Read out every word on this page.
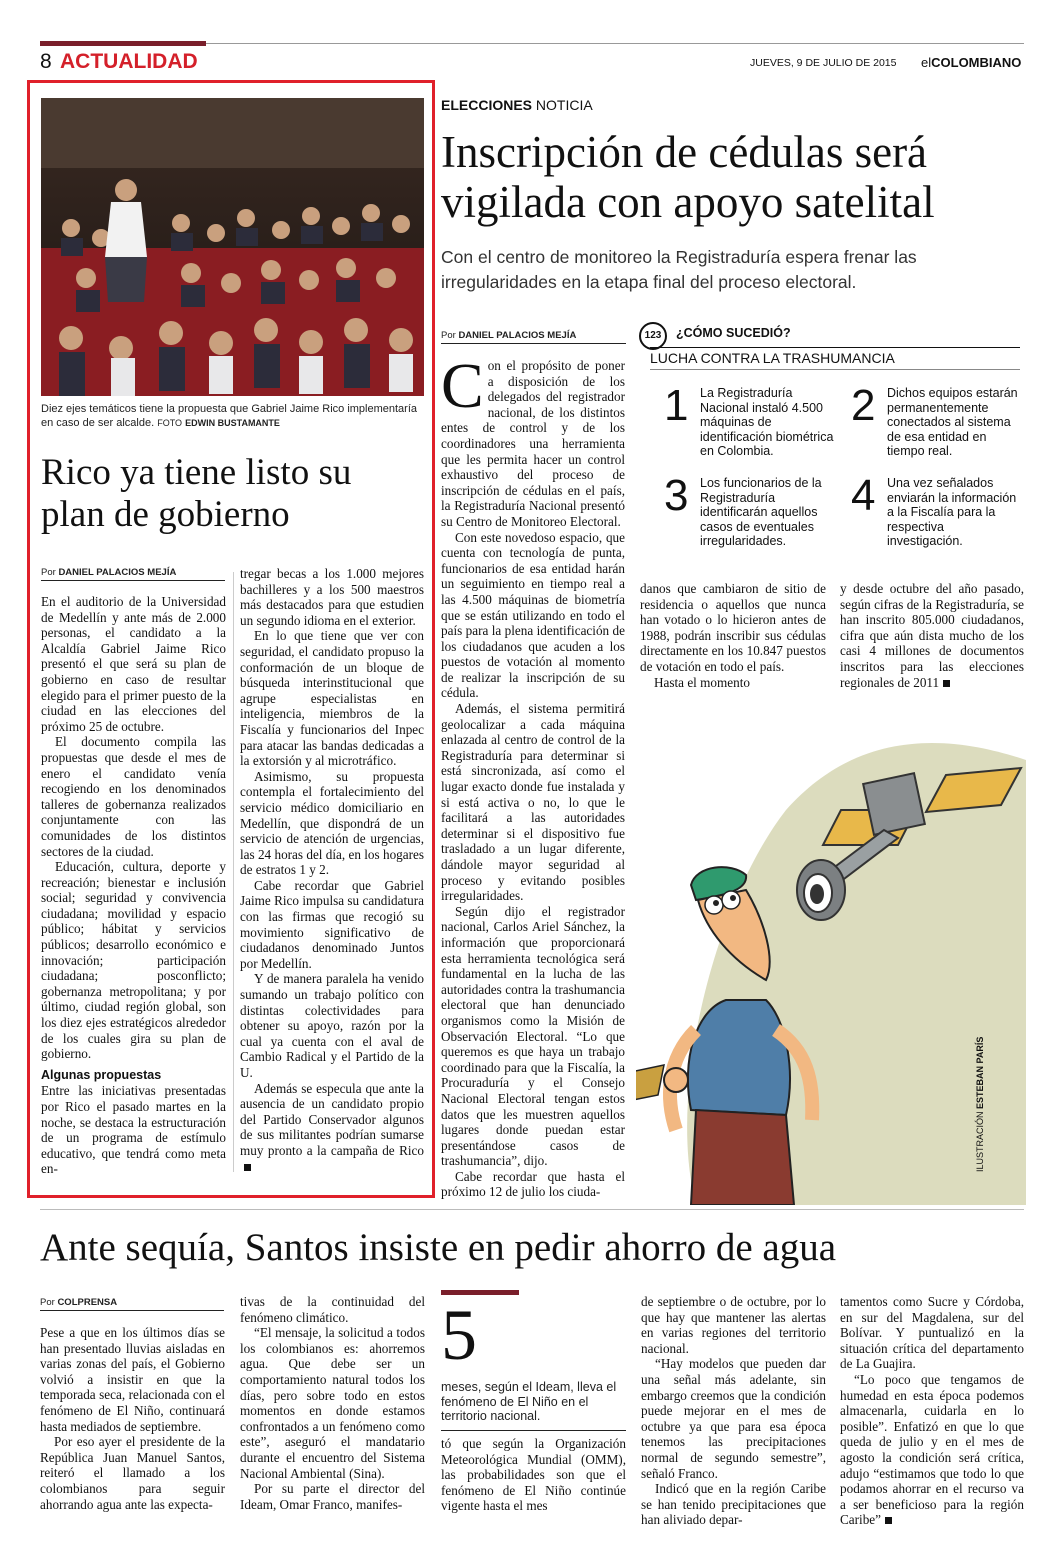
8 ACTUALIDAD	JUEVES, 9 DE JULIO DE 2015 elCOLOMBIANO
Diez ejes temáticos tiene la propuesta que Gabriel Jaime Rico implementaría en caso de ser alcalde. FOTO EDWIN BUSTAMANTE
Rico ya tiene listo su plan de gobierno
Por DANIEL PALACIOS MEJÍA

En el auditorio de la Universidad de Medellín y ante más de 2.000 personas, el candidato a la Alcaldía Gabriel Jaime Rico presentó el que será su plan de gobierno en caso de resultar elegido para el primer puesto de la ciudad en las elecciones del próximo 25 de octubre.

El documento compila las propuestas que desde el mes de enero el candidato venía recogiendo en los denominados talleres de gobernanza realizados conjuntamente con las comunidades de los distintos sectores de la ciudad.

Educación, cultura, deporte y recreación; bienestar e inclusión social; seguridad y convivencia ciudadana; movilidad y espacio público; hábitat y servicios públicos; desarrollo económico e innovación; participación ciudadana; posconflicto; gobernanza metropolitana; y por último, ciudad región global, son los diez ejes estratégicos alrededor de los cuales gira su plan de gobierno.

Algunas propuestas

Entre las iniciativas presentadas por Rico el pasado martes en la noche, se destaca la estructuración de un programa de estímulo educativo, que tendrá como meta en-

tregar becas a los 1.000 mejores bachilleres y a los 500 maestros más destacados para que estudien un segundo idioma en el exterior.

En lo que tiene que ver con seguridad, el candidato propuso la conformación de un bloque de búsqueda interinstitucional que agrupe especialistas en inteligencia, miembros de la Fiscalía y funcionarios del Inpec para atacar las bandas dedicadas a la extorsión y al microtráfico.

Asimismo, su propuesta contempla el fortalecimiento del servicio médico domiciliario en Medellín, que dispondrá de un servicio de atención de urgencias, las 24 horas del día, en los hogares de estratos 1 y 2.

Cabe recordar que Gabriel Jaime Rico impulsa su candidatura con las firmas que recogió su movimiento significativo de ciudadanos denominado Juntos por Medellín.

Y de manera paralela ha venido sumando un trabajo político con distintas colectividades para obtener su apoyo, razón por la cual ya cuenta con el aval de Cambio Radical y el Partido de la U.

Además se especula que ante la ausencia de un candidato propio del Partido Conservador algunos de sus militantes podrían sumarse muy pronto a la campaña de Rico

ELECCIONES NOTICIA
Inscripción de cédulas será vigilada con apoyo satelital
Con el centro de monitoreo la Registraduría espera frenar las irregularidades en la etapa final del proceso electoral.
Por DANIEL PALACIOS MEJÍA

Con el propósito de poner a disposición de los delegados del registrador nacional, de los distintos entes de control y de los coordinadores una herramienta que les permita hacer un control exhaustivo del proceso de inscripción de cédulas en el país, la Registraduría Nacional presentó su Centro de Monitoreo Electoral.

Con este novedoso espacio, que cuenta con tecnología de punta, funcionarios de esa entidad harán un seguimiento en tiempo real a las 4.500 máquinas de biometría que se están utilizando en todo el país para la plena identificación de los ciudadanos que acuden a los puestos de votación al momento de realizar la inscripción de su cédula.

Además, el sistema permitirá geolocalizar a cada máquina enlazada al centro de control de la Registraduría para determinar si está sincronizada, así como el lugar exacto donde fue instalada y si está activa o no, lo que le facilitará a las autoridades determinar si el dispositivo fue trasladado a un lugar diferente, dándole mayor seguridad al proceso y evitando posibles irregularidades.

Según dijo el registrador nacional, Carlos Ariel Sánchez, la información que proporcionará esta herramienta tecnológica será fundamental en la lucha de las autoridades contra la trashumancia electoral que han denunciado organismos como la Misión de Observación Electoral. “Lo que queremos es que haya un trabajo coordinado para que la Fiscalía, la Procuraduría y el Consejo Nacional Electoral tengan estos datos que les muestren aquellos lugares donde puedan estar presentándose casos de trashumancia”, dijo.

Cabe recordar que hasta el próximo 12 de julio los ciuda-

123	¿CÓMO SUCEDIÓ?
LUCHA CONTRA LA TRASHUMANCIA
1 La Registraduría Nacional instaló 4.500 máquinas de identificación biométrica en Colombia.
2 Dichos equipos estarán permanentemente conectados al sistema de esa entidad en tiempo real.
3 Los funcionarios de la Registraduría identificarán aquellos casos de eventuales irregularidades.
4 Una vez señalados enviarán la información a la Fiscalía para la respectiva investigación.

danos que cambiaron de sitio de residencia o aquellos que nunca han votado o lo hicieron antes de 1988, podrán inscribir sus cédulas directamente en los 10.847 puestos de votación en todo el país.

Hasta el momento

y desde octubre del año pasado, según cifras de la Registraduría, se han inscrito 805.000 ciudadanos, cifra que aún dista mucho de los casi 4 millones de documentos inscritos para las elecciones regionales de 2011

ILUSTRACIÓN ESTEBAN PARÍS
Ante sequía, Santos insiste en pedir ahorro de agua
Por COLPRENSA

Pese a que en los últimos días se han presentado lluvias aisladas en varias zonas del país, el Gobierno volvió a insistir en que la temporada seca, relacionada con el fenómeno de El Niño, continuará hasta mediados de septiembre.

Por eso ayer el presidente de la República Juan Manuel Santos, reiteró el llamado a los colombianos para seguir ahorrando agua ante las expecta-

tivas de la continuidad del fenómeno climático.

“El mensaje, la solicitud a todos los colombianos es: ahorremos agua. Que debe ser un comportamiento natural todos los días, pero sobre todo en estos momentos en donde estamos confrontados a un fenómeno como este”, aseguró el mandatario durante el encuentro del Sistema Nacional Ambiental (Sina).

Por su parte el director del Ideam, Omar Franco, manifes-

5
meses, según el Ideam, lleva el fenómeno de El Niño en el territorio nacional.

tó que según la Organización Meteorológica Mundial (OMM), las probabilidades son que el fenómeno de El Niño continúe vigente hasta el mes

de septiembre o de octubre, por lo que hay que mantener las alertas en varias regiones del territorio nacional.

“Hay modelos que pueden dar una señal más adelante, sin embargo creemos que la condición puede mejorar en el mes de octubre ya que para esa época tenemos las precipitaciones normal de segundo semestre”, señaló Franco.

Indicó que en la región Caribe se han tenido precipitaciones que han aliviado depar-

tamentos como Sucre y Córdoba, en sur del Magdalena, sur del Bolívar. Y puntualizó en la situación crítica del departamento de La Guajira.

“Lo poco que tengamos de humedad en esta época podemos almacenarla, cuidarla en lo posible”. Enfatizó en que lo que queda de julio y en el mes de agosto la condición será crítica, adujo “estimamos que todo lo que podamos ahorrar en el recurso va a ser beneficioso para la región Caribe”
